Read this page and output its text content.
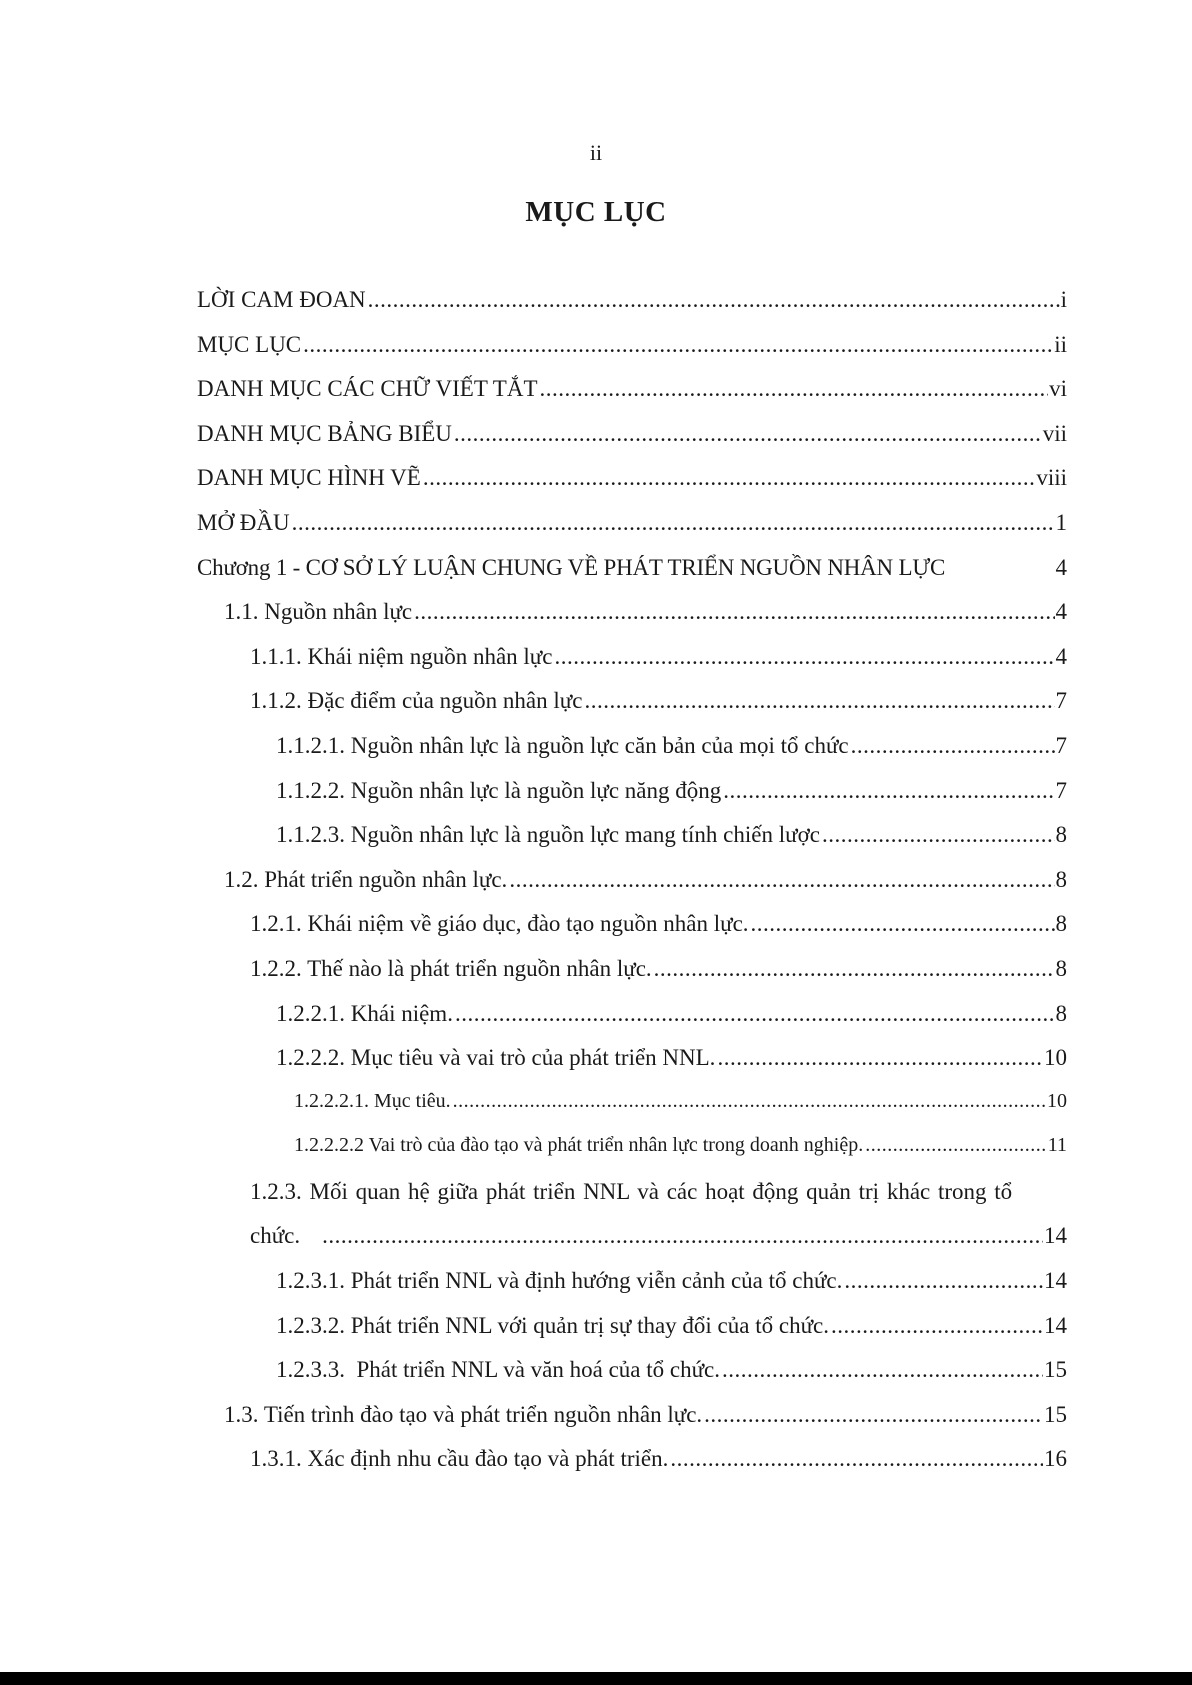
ii
MỤC LỤC
LỜI CAM ĐOAN .....	i
MỤC LỤC .....	ii
DANH MỤC CÁC CHỮ VIẾT TẮT .....	vi
DANH MỤC BẢNG BIỂU .....	vii
DANH MỤC HÌNH VẼ .....	viii
MỞ ĐẦU .....	1
Chương 1 - CƠ SỞ LÝ LUẬN CHUNG VỀ PHÁT TRIỂN NGUỒN NHÂN LỰC	4
1.1. Nguồn nhân lực .....	4
1.1.1. Khái niệm nguồn nhân lực .....	4
1.1.2. Đặc điểm của nguồn nhân lực .....	7
1.1.2.1. Nguồn nhân lực là nguồn lực căn bản của mọi tổ chức .....	7
1.1.2.2. Nguồn nhân lực là nguồn lực năng động .....	7
1.1.2.3. Nguồn nhân lực là nguồn lực mang tính chiến lược .....	8
1.2. Phát triển nguồn nhân lực. .....	8
1.2.1. Khái niệm về giáo dục, đào tạo nguồn nhân lực. .....	8
1.2.2. Thế nào là phát triển nguồn nhân lực. .....	8
1.2.2.1. Khái niệm. .....	8
1.2.2.2. Mục tiêu và vai trò của phát triển NNL. .....	10
1.2.2.2.1. Mục tiêu. .....	10
1.2.2.2.2 Vai trò của đào tạo và phát triển nhân lực trong doanh nghiệp. .....	11
1.2.3. Mối quan hệ giữa phát triển NNL và các hoạt động quản trị khác trong tổ
chức. .....	14
1.2.3.1. Phát triển NNL và định hướng viễn cảnh của tổ chức. .....	14
1.2.3.2. Phát triển NNL với quản trị sự thay đổi của tổ chức. .....	14
1.2.3.3.  Phát triển NNL và văn hoá của tổ chức. .....	15
1.3. Tiến trình đào tạo và phát triển nguồn nhân lực. .....	15
1.3.1. Xác định nhu cầu đào tạo và phát triển. .....	16
